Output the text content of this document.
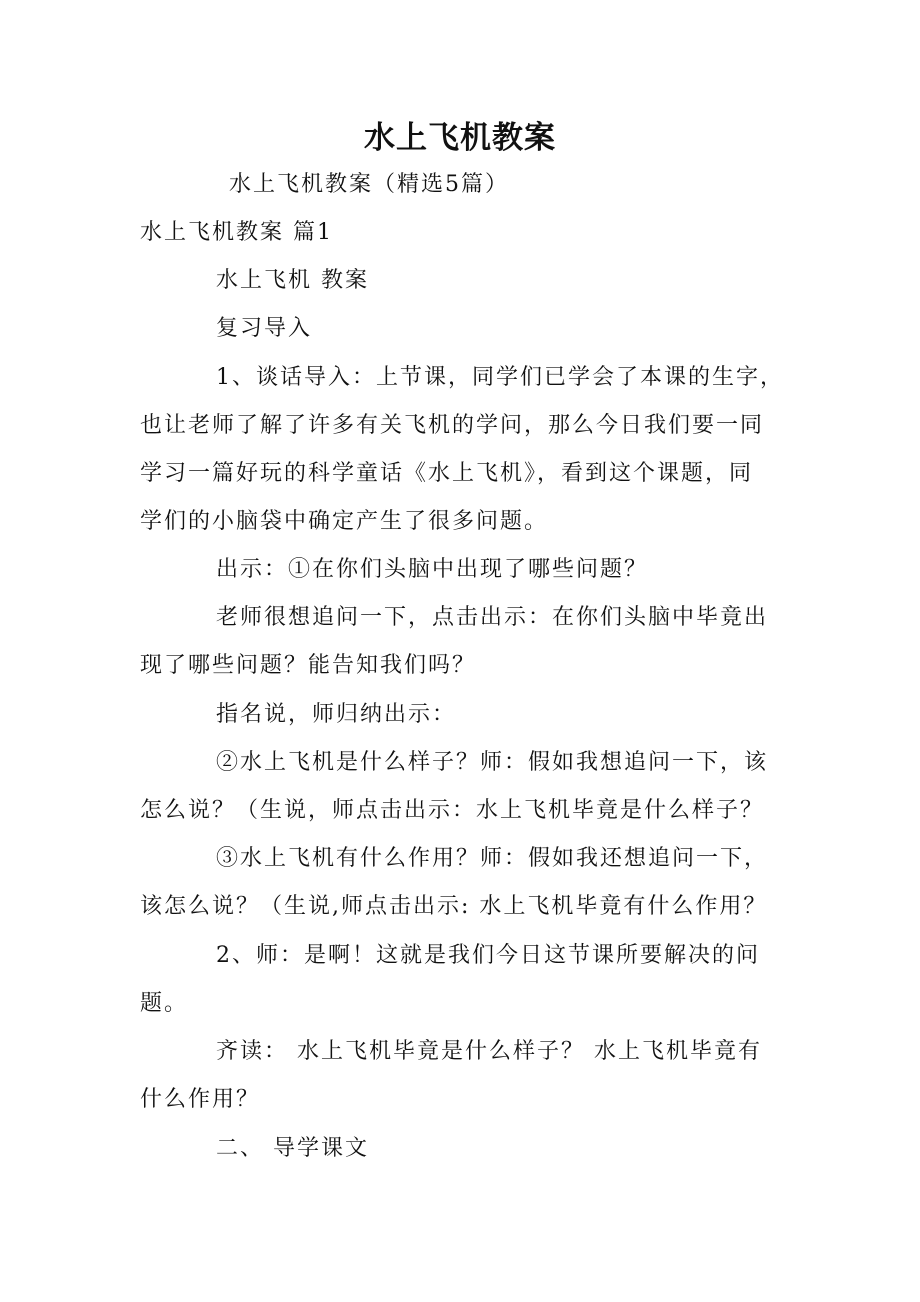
水上飞机教案
水上飞机教案（精选5篇）
水上飞机教案 篇1
水上飞机 教案
复习导入
1、谈话导入：上节课，同学们已学会了本课的生字，
也让老师了解了许多有关飞机的学问，那么今日我们要一同
学习一篇好玩的科学童话《水上飞机》，看到这个课题，同
学们的小脑袋中确定产生了很多问题。
出示：①在你们头脑中出现了哪些问题？
老师很想追问一下，点击出示：在你们头脑中毕竟出
现了哪些问题？能告知我们吗？
指名说，师归纳出示：
②水上飞机是什么样子？师：假如我想追问一下，该
怎么说？（生说，师点击出示：水上飞机毕竟是什么样子？
③水上飞机有什么作用？师：假如我还想追问一下，
该怎么说？（生说,师点击出示: 水上飞机毕竟有什么作用？
2、师：是啊！这就是我们今日这节课所要解决的问
题。
齐读： 水上飞机毕竟是什么样子？ 水上飞机毕竟有
什么作用？
二、 导学课文
